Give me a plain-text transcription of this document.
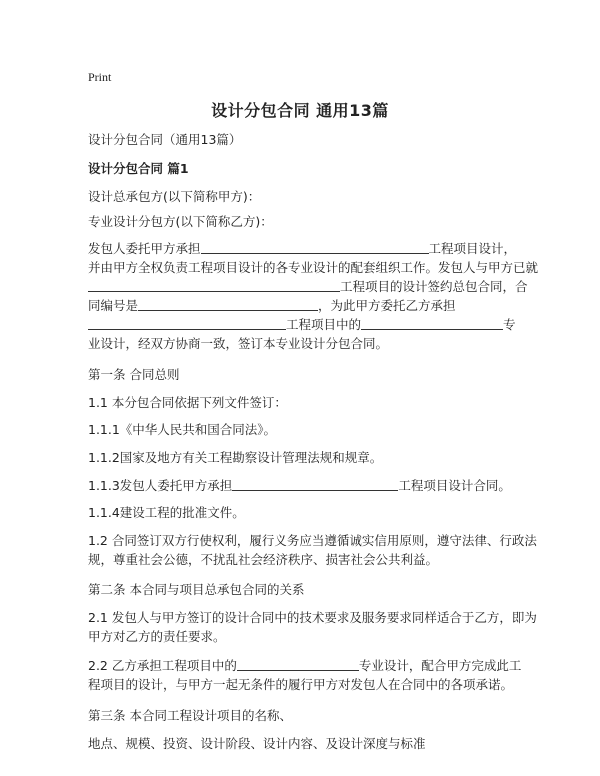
Print
设计分包合同 通用13篇
设计分包合同（通用13篇）
设计分包合同 篇1
设计总承包方(以下简称甲方)：
专业设计分包方(以下简称乙方)：
发包人委托甲方承担	工程项目设计，
并由甲方全权负责工程项目设计的各专业设计的配套组织工作。发包人与甲方已就
工程项目的设计签约总包合同，合
同编号是	，为此甲方委托乙方承担
工程项目中的	专
业设计，经双方协商一致，签订本专业设计分包合同。
第一条 合同总则
1.1 本分包合同依据下列文件签订：
1.1.1《中华人民共和国合同法》。
1.1.2国家及地方有关工程勘察设计管理法规和规章。
1.1.3发包人委托甲方承担	工程项目设计合同。
1.1.4建设工程的批准文件。
1.2 合同签订双方行使权利，履行义务应当遵循诚实信用原则，遵守法律、行政法
规，尊重社会公德，不扰乱社会经济秩序、损害社会公共利益。
第二条 本合同与项目总承包合同的关系
2.1 发包人与甲方签订的设计合同中的技术要求及服务要求同样适合于乙方，即为
甲方对乙方的责任要求。
2.2 乙方承担工程项目中的	专业设计，配合甲方完成此工
程项目的设计，与甲方一起无条件的履行甲方对发包人在合同中的各项承诺。
第三条 本合同工程设计项目的名称、
地点、规模、投资、设计阶段、设计内容、及设计深度与标准
